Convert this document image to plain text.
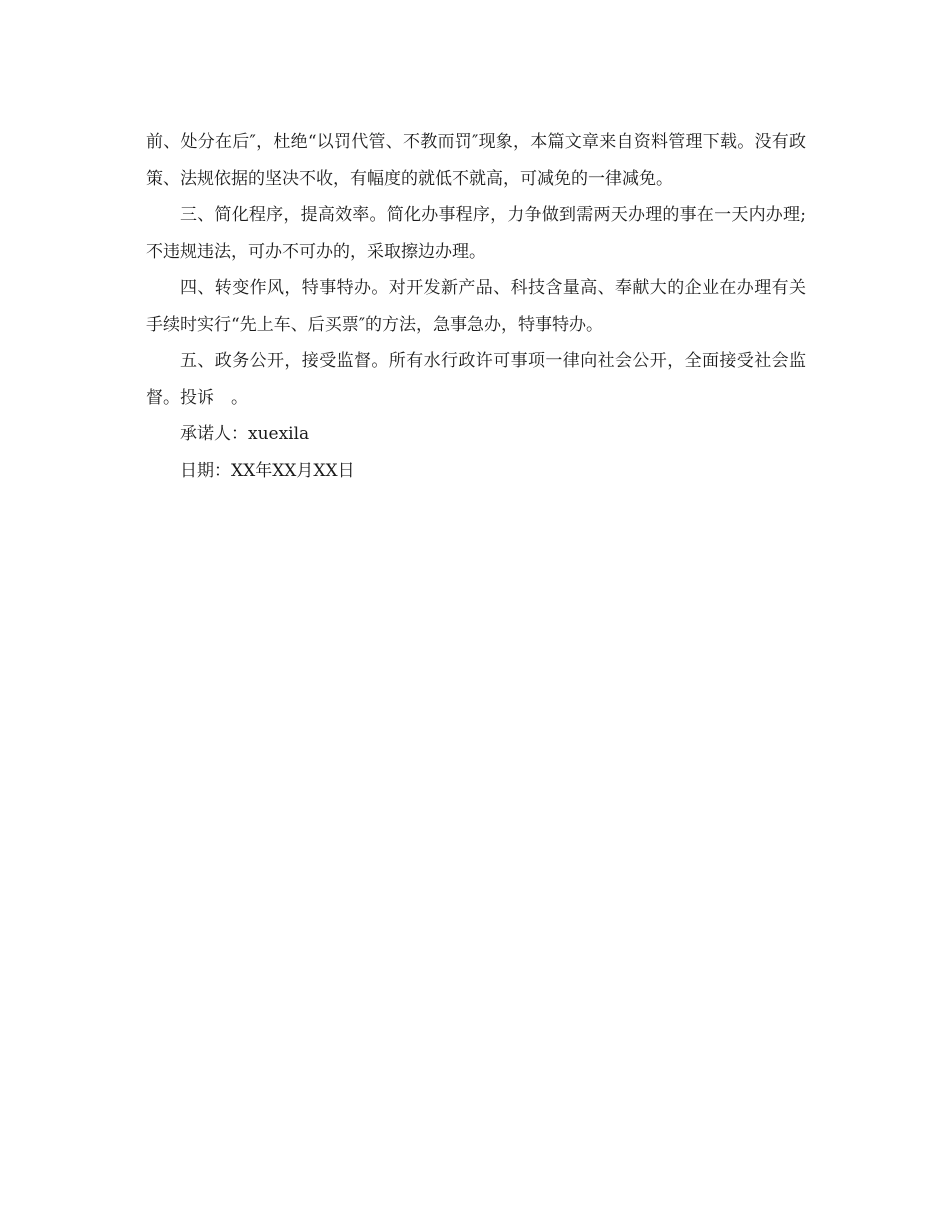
前、处分在后″，杜绝“以罚代管、不教而罚″现象，本篇文章来自资料管理下载。没有政策、法规依据的坚决不收，有幅度的就低不就高，可减免的一律减免。

三、简化程序，提高效率。简化办事程序，力争做到需两天办理的事在一天内办理;不违规违法，可办不可办的，采取擦边办理。

四、转变作风，特事特办。对开发新产品、科技含量高、奉献大的企业在办理有关手续时实行“先上车、后买票″的方法，急事急办，特事特办。

五、政务公开，接受监督。所有水行政许可事项一律向社会公开，全面接受社会监督。投诉　。

承诺人：xuexila

日期：XX年XX月XX日
